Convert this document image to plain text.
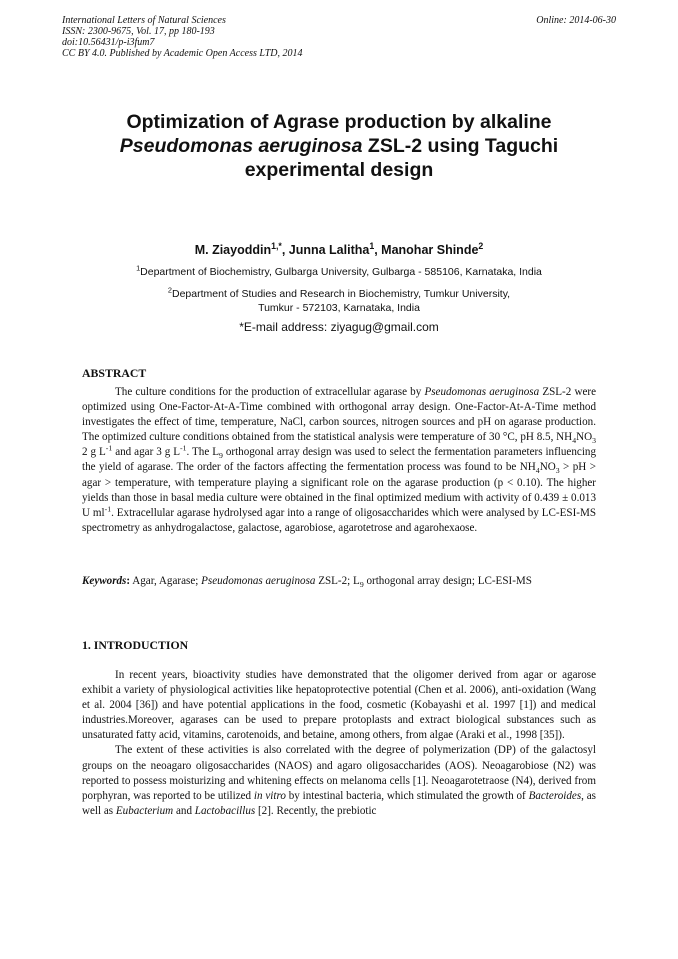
International Letters of Natural Sciences
ISSN: 2300-9675, Vol. 17, pp 180-193
doi:10.56431/p-i3fum7
CC BY 4.0. Published by Academic Open Access LTD, 2014
Online: 2014-06-30
Optimization of Agrase production by alkaline
Pseudomonas aeruginosa ZSL-2 using Taguchi
experimental design
M. Ziayoddin$^{1,*}$, Junna Lalitha$^1$, Manohar Shinde$^2$
$^1$Department of Biochemistry, Gulbarga University, Gulbarga - 585106, Karnataka, India
$^2$Department of Studies and Research in Biochemistry, Tumkur University,
Tumkur - 572103, Karnataka, India
*E-mail address: ziyagug@gmail.com
ABSTRACT

The culture conditions for the production of extracellular agarase by Pseudomonas aeruginosa ZSL-2 were optimized using One-Factor-At-A-Time combined with orthogonal array design. One-Factor-At-A-Time method investigates the effect of time, temperature, NaCl, carbon sources, nitrogen sources and pH on agarase production. The optimized culture conditions obtained from the statistical analysis were temperature of 30 °C, pH 8.5, $NH_4NO_3$ 2 g $L^{-1}$ and agar 3 g $L^{-1}$. The $L_9$ orthogonal array design was used to select the fermentation parameters influencing the yield of agarase. The order of the factors affecting the fermentation process was found to be $NH_4NO_3$ > pH > agar > temperature, with temperature playing a significant role on the agarase production (p < 0.10). The higher yields than those in basal media culture were obtained in the final optimized medium with activity of 0.439 ± 0.013 U $ml^{-1}$. Extracellular agarase hydrolysed agar into a range of oligosaccharides which were analysed by LC-ESI-MS spectrometry as anhydrogalactose, galactose, agarobiose, agarotetrose and agarohexaose.

Keywords: Agar, Agarase; Pseudomonas aeruginosa ZSL-2; $L_9$ orthogonal array design; LC-ESI-MS
1. INTRODUCTION

In recent years, bioactivity studies have demonstrated that the oligomer derived from agar or agarose exhibit a variety of physiological activities like hepatoprotective potential (Chen et al. 2006), anti-oxidation (Wang et al. 2004 [36]) and have potential applications in the food, cosmetic (Kobayashi et al. 1997 [1]) and medical industries.Moreover, agarases can be used to prepare protoplasts and extract biological substances such as unsaturated fatty acid, vitamins, carotenoids, and betaine, among others, from algae (Araki et al., 1998 [35]).

The extent of these activities is also correlated with the degree of polymerization (DP) of the galactosyl groups on the neoagaro oligosaccharides (NAOS) and agaro oligosaccharides (AOS). Neoagarobiose (N2) was reported to possess moisturizing and whitening effects on melanoma cells [1]. Neoagarotetraose (N4), derived from porphyran, was reported to be utilized in vitro by intestinal bacteria, which stimulated the growth of Bacteroides, as well as Eubacterium and Lactobacillus [2]. Recently, the prebiotic
